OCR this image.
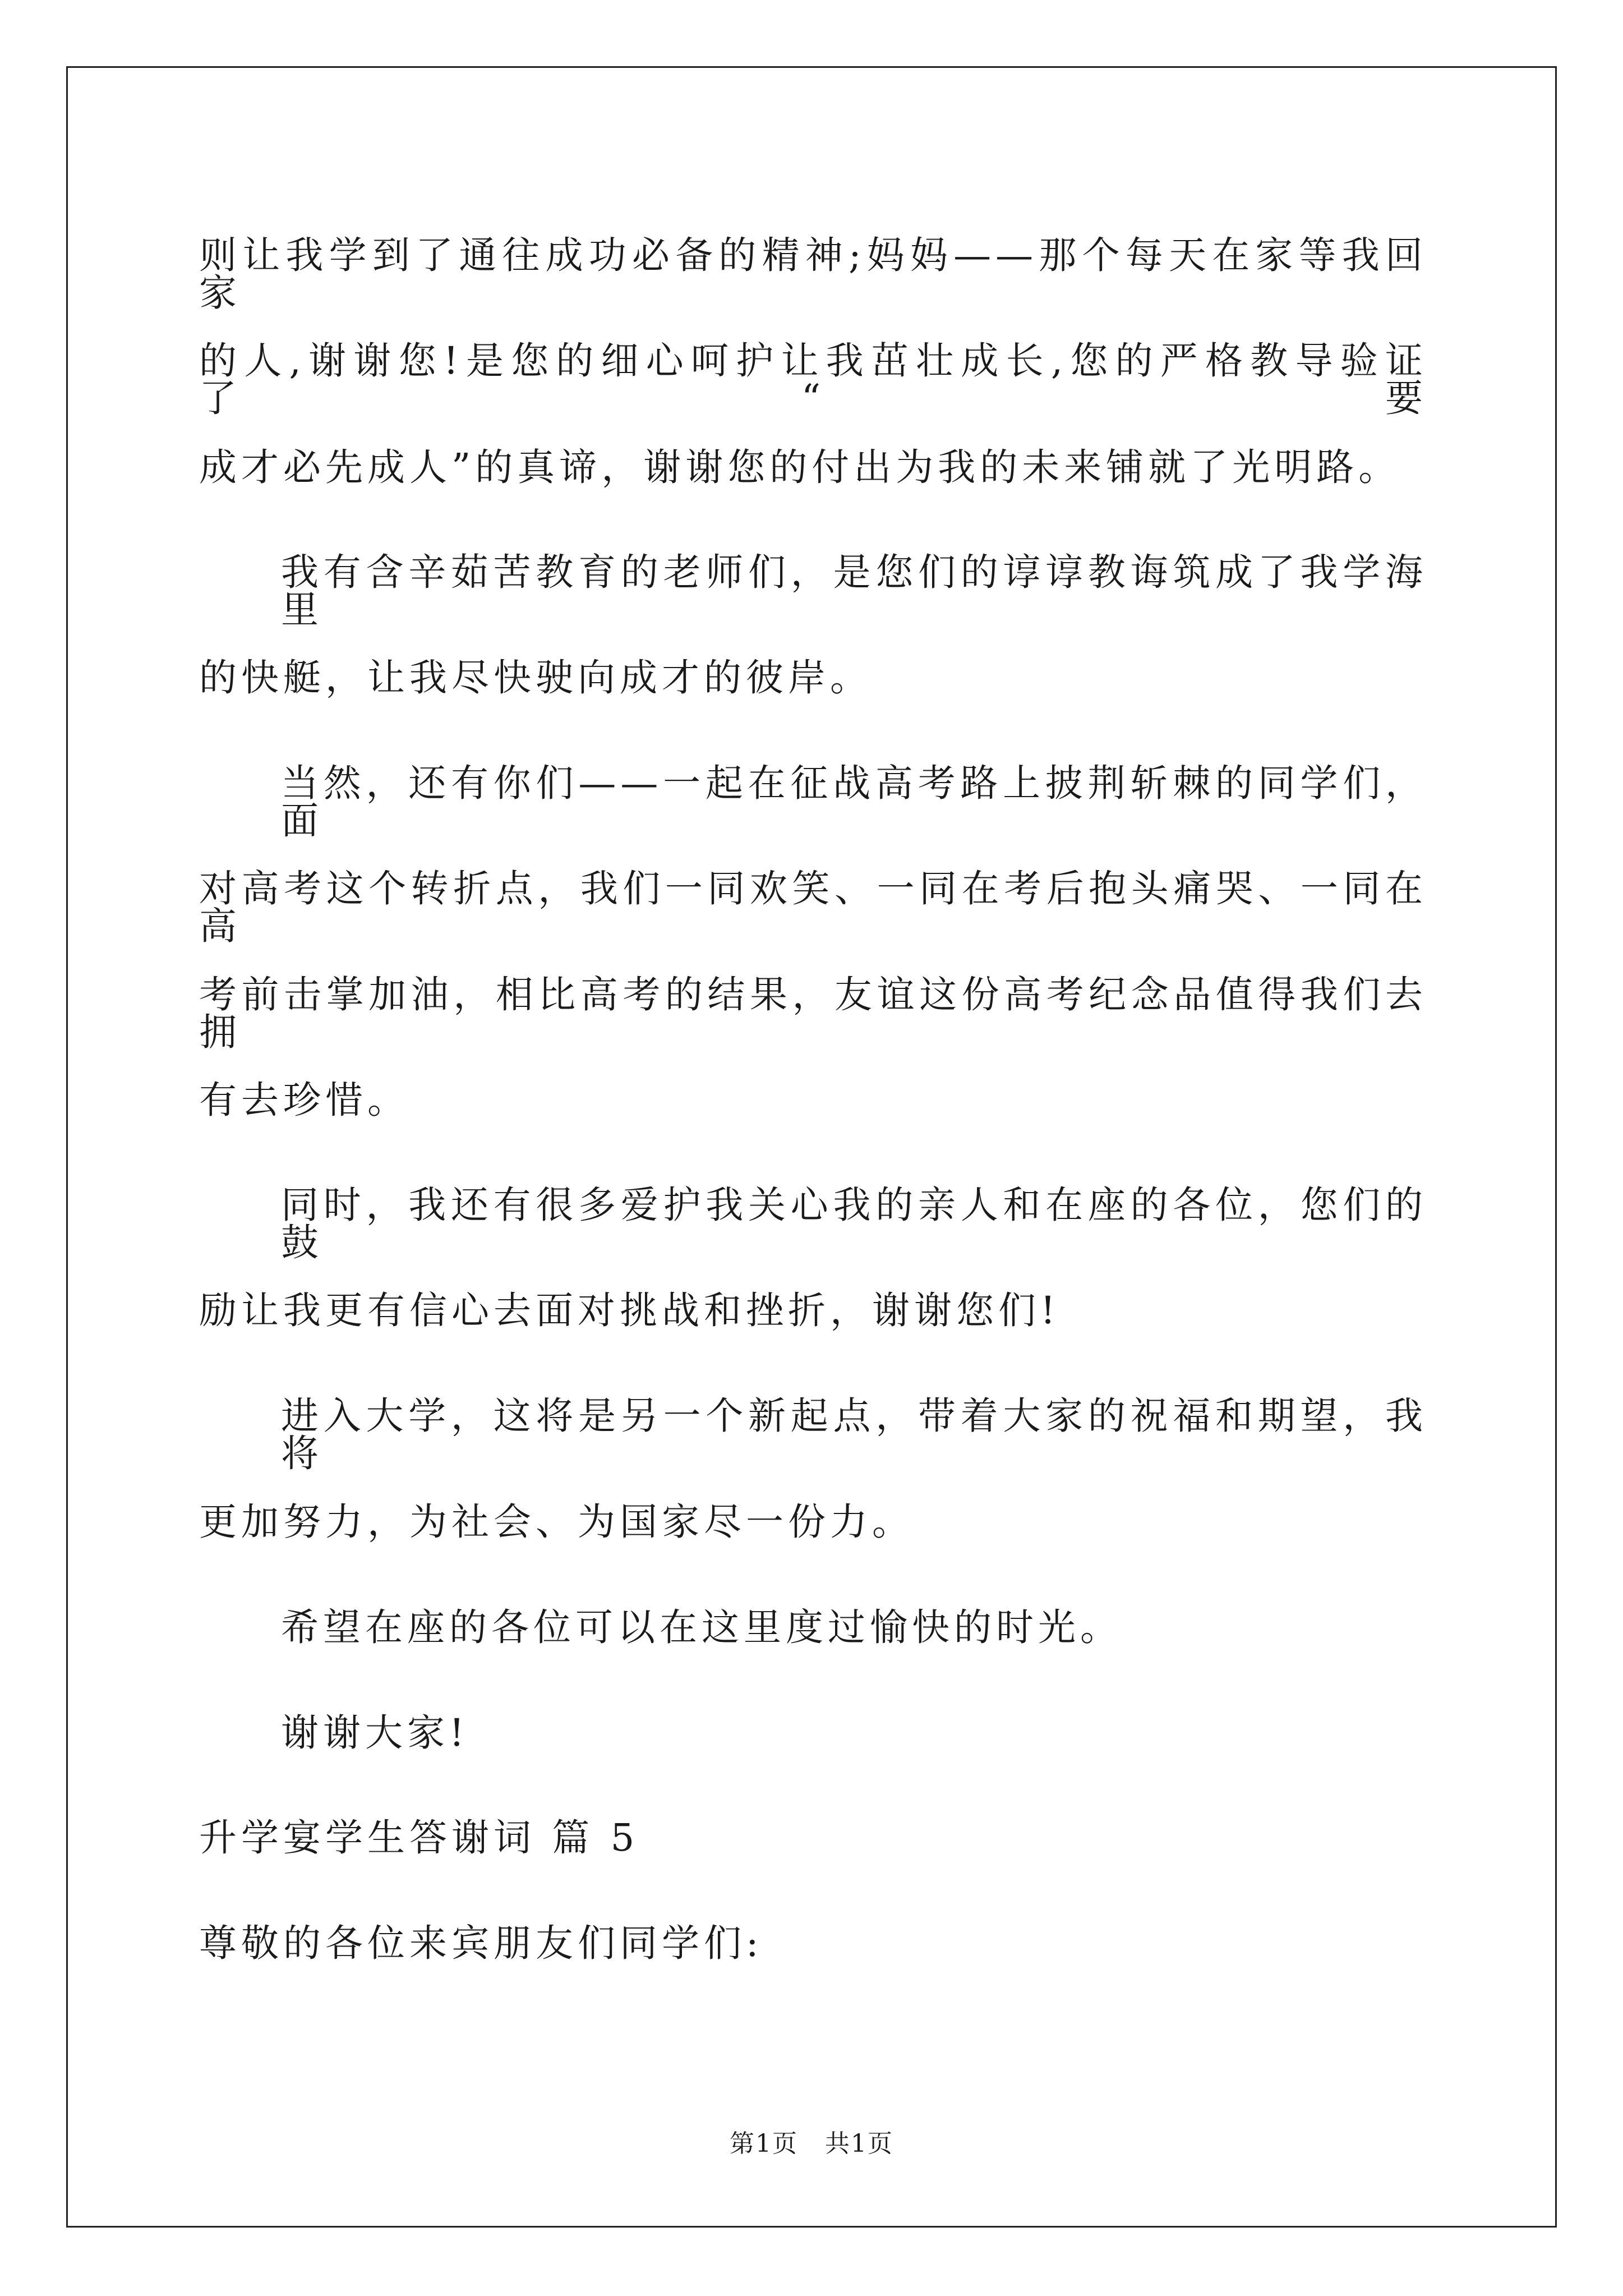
则让我学到了通往成功必备的精神;妈妈——那个每天在家等我回家
的人,谢谢您!是您的细心呵护让我茁壮成长,您的严格教导验证了“要
成才必先成人”的真谛，谢谢您的付出为我的未来铺就了光明路。
我有含辛茹苦教育的老师们，是您们的谆谆教诲筑成了我学海里
的快艇，让我尽快驶向成才的彼岸。
当然，还有你们——一起在征战高考路上披荆斩棘的同学们，面
对高考这个转折点，我们一同欢笑、一同在考后抱头痛哭、一同在高
考前击掌加油，相比高考的结果，友谊这份高考纪念品值得我们去拥
有去珍惜。
同时，我还有很多爱护我关心我的亲人和在座的各位，您们的鼓
励让我更有信心去面对挑战和挫折，谢谢您们!
进入大学，这将是另一个新起点，带着大家的祝福和期望，我将
更加努力，为社会、为国家尽一份力。
希望在座的各位可以在这里度过愉快的时光。
谢谢大家!
升学宴学生答谢词 篇 5
尊敬的各位来宾朋友们同学们:
第1页   共1页
